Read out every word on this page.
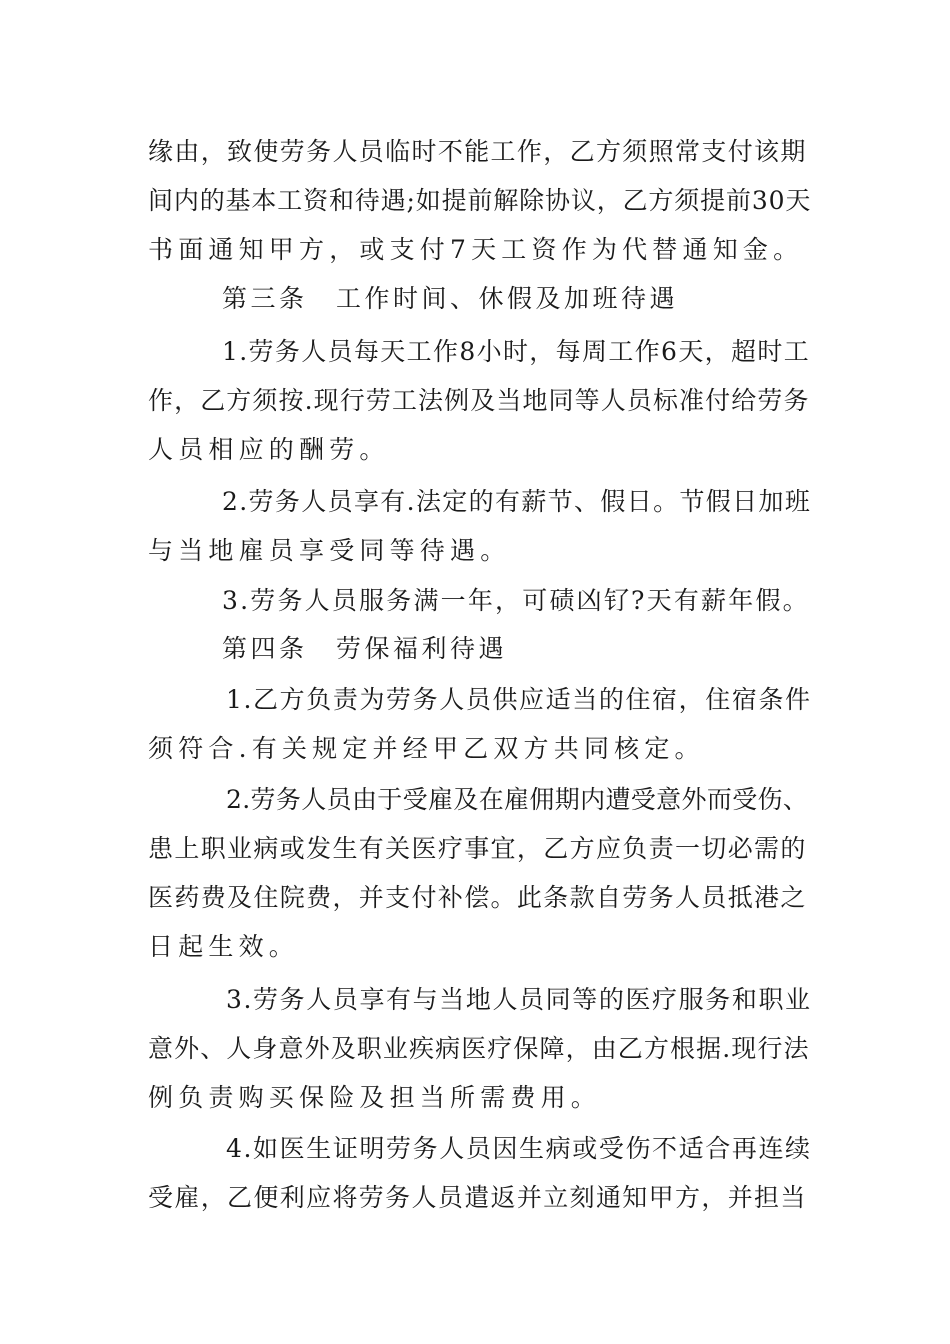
缘由，致使劳务人员临时不能工作，乙方须照常支付该期
间内的基本工资和待遇;如提前解除协议，乙方须提前30天
书面通知甲方，或支付7天工资作为代替通知金。
第三条　工作时间、休假及加班待遇
1.劳务人员每天工作8小时，每周工作6天，超时工
作，乙方须按.现行劳工法例及当地同等人员标准付给劳务
人员相应的酬劳。
2.劳务人员享有.法定的有薪节、假日。节假日加班
与当地雇员享受同等待遇。
3.劳务人员服务满一年，可碛凶钌?天有薪年假。
第四条　劳保福利待遇
1.乙方负责为劳务人员供应适当的住宿，住宿条件
须符合.有关规定并经甲乙双方共同核定。
2.劳务人员由于受雇及在雇佣期内遭受意外而受伤、
患上职业病或发生有关医疗事宜，乙方应负责一切必需的
医药费及住院费，并支付补偿。此条款自劳务人员抵港之
日起生效。
3.劳务人员享有与当地人员同等的医疗服务和职业
意外、人身意外及职业疾病医疗保障，由乙方根据.现行法
例负责购买保险及担当所需费用。
4.如医生证明劳务人员因生病或受伤不适合再连续
受雇，乙便利应将劳务人员遣返并立刻通知甲方，并担当
